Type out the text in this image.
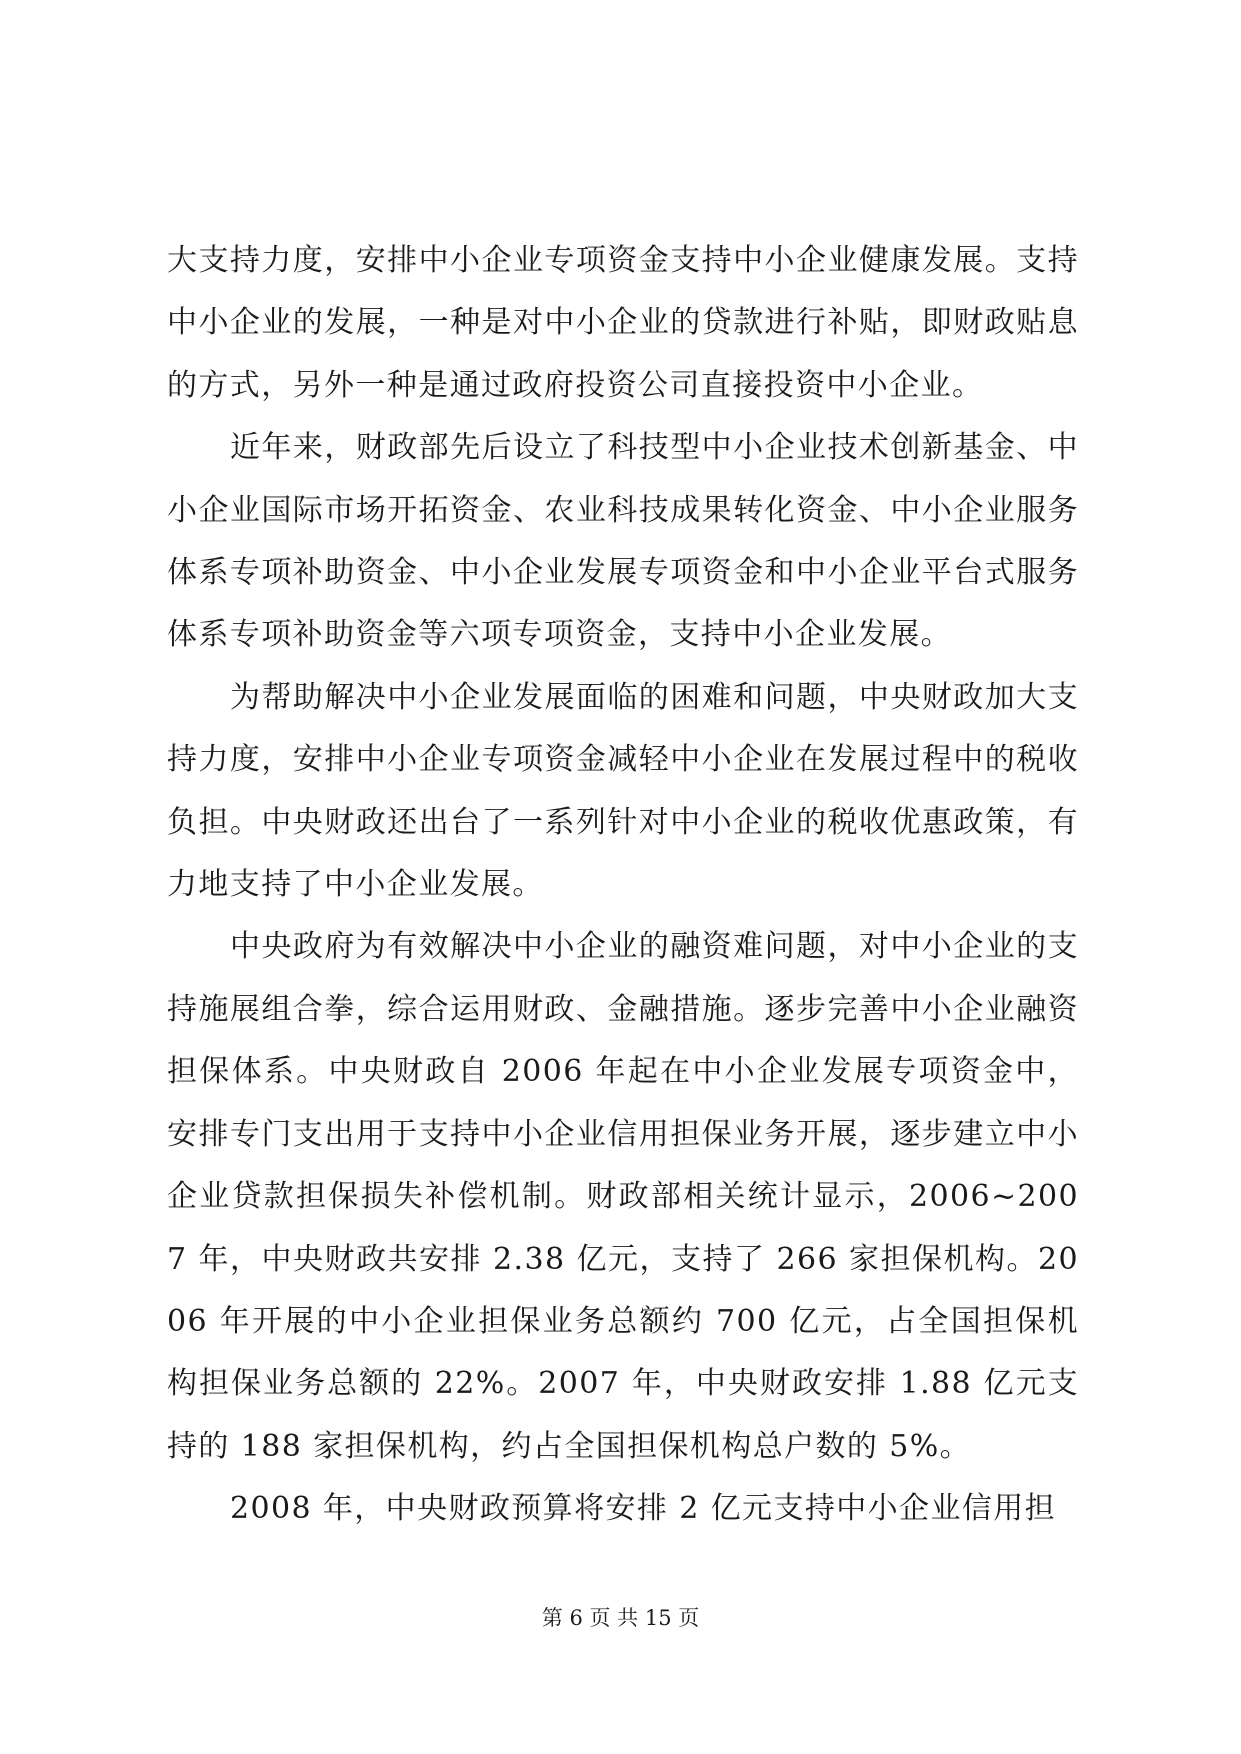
大支持力度，安排中小企业专项资金支持中小企业健康发展。支持中小企业的发展，一种是对中小企业的贷款进行补贴，即财政贴息的方式，另外一种是通过政府投资公司直接投资中小企业。

近年来，财政部先后设立了科技型中小企业技术创新基金、中小企业国际市场开拓资金、农业科技成果转化资金、中小企业服务体系专项补助资金、中小企业发展专项资金和中小企业平台式服务体系专项补助资金等六项专项资金，支持中小企业发展。

为帮助解决中小企业发展面临的困难和问题，中央财政加大支持力度，安排中小企业专项资金减轻中小企业在发展过程中的税收负担。中央财政还出台了一系列针对中小企业的税收优惠政策，有力地支持了中小企业发展。

中央政府为有效解决中小企业的融资难问题，对中小企业的支持施展组合拳，综合运用财政、金融措施。逐步完善中小企业融资担保体系。中央财政自 2006 年起在中小企业发展专项资金中，安排专门支出用于支持中小企业信用担保业务开展，逐步建立中小企业贷款担保损失补偿机制。财政部相关统计显示，2006~2007 年，中央财政共安排 2.38 亿元，支持了 266 家担保机构。2006 年开展的中小企业担保业务总额约 700 亿元，占全国担保机构担保业务总额的 22%。2007 年，中央财政安排 1.88 亿元支持的 188 家担保机构，约占全国担保机构总户数的 5%。

2008 年，中央财政预算将安排 2 亿元支持中小企业信用担

第 6 页 共 15 页
